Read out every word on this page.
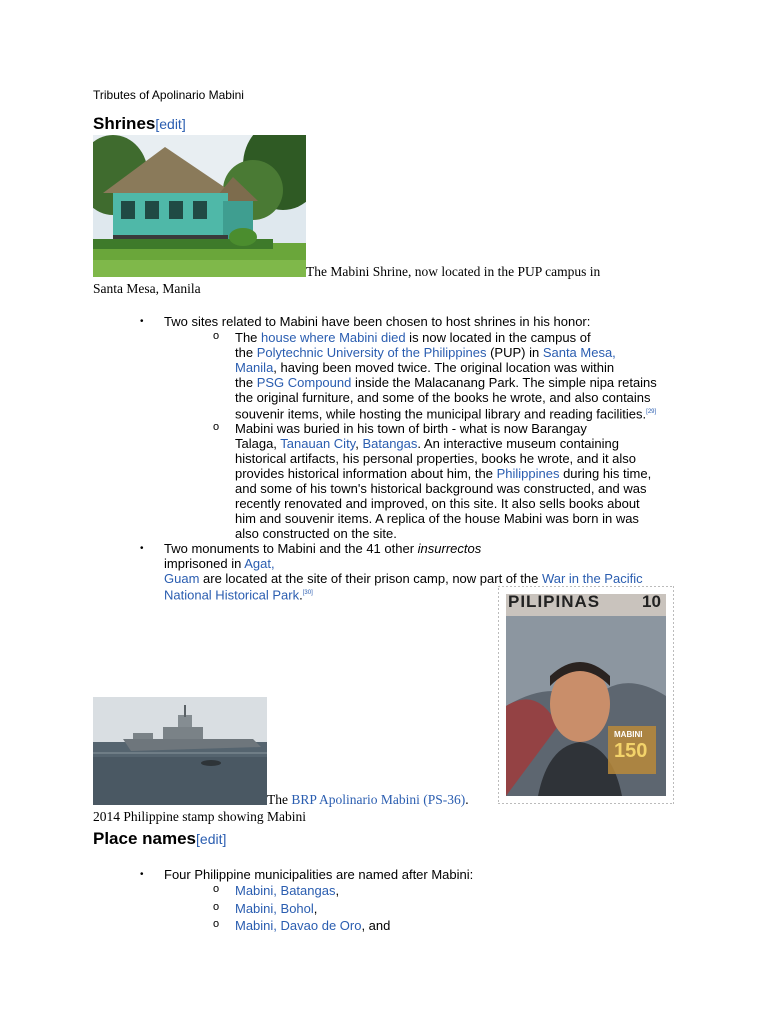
Tributes of Apolinario Mabini
Shrines[edit]
The Mabini Shrine, now located in the PUP campus in
Santa Mesa, Manila
• Two sites related to Mabini have been chosen to host shrines in his honor:
o The house where Mabini died is now located in the campus of
the Polytechnic University of the Philippines (PUP) in Santa Mesa,
Manila, having been moved twice. The original location was within
the PSG Compound inside the Malacanang Park. The simple nipa retains
the original furniture, and some of the books he wrote, and also contains
souvenir items, while hosting the municipal library and reading facilities.[29]
o Mabini was buried in his town of birth - what is now Barangay
Talaga, Tanauan City, Batangas. An interactive museum containing
historical artifacts, his personal properties, books he wrote, and it also
provides historical information about him, the Philippines during his time,
and some of his town's historical background was constructed, and was
recently renovated and improved, on this site. It also sells books about
him and souvenir items. A replica of the house Mabini was born in was
also constructed on the site.
• Two monuments to Mabini and the 41 other insurrectos imprisoned in Agat,
Guam are located at the site of their prison camp, now part of the War in the Pacific
National Historical Park.[30]
The BRP Apolinario Mabini (PS-36).
PILIPINAS 10
MABINI
150
2014 Philippine stamp showing Mabini
Place names[edit]
• Four Philippine municipalities are named after Mabini:
o Mabini, Batangas,
o Mabini, Bohol,
o Mabini, Davao de Oro, and
